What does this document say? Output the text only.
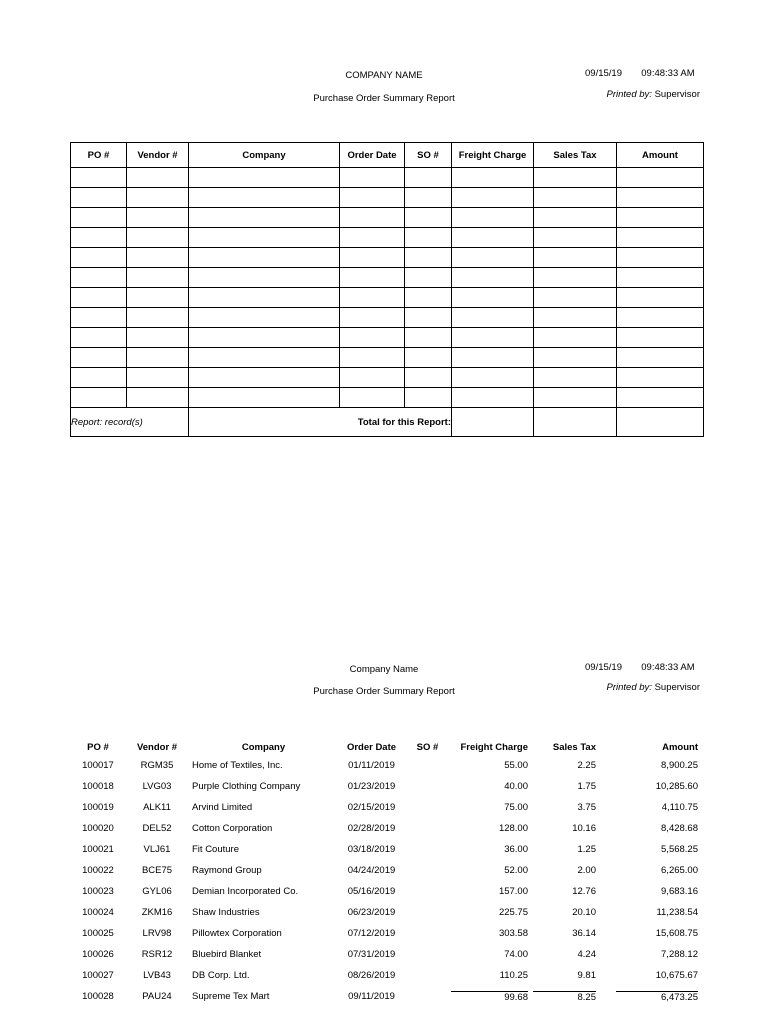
COMPANY NAME
Purchase Order Summary Report
09/15/19 09:48:33 AM
Printed by: Supervisor
PO #	Vendor #	Company	Order Date	SO #	Freight Charge	Sales Tax	Amount

Report: record(s)		Total for this Report:					
Company Name
Purchase Order Summary Report
09/15/19 09:48:33 AM
Printed by: Supervisor
PO #	Vendor #	Company	Order Date	SO #	Freight Charge	Sales Tax	Amount
100017	RGM35	Home of Textiles, Inc.	01/11/2019		55.00	2.25	8,900.25
100018	LVG03	Purple Clothing Company	01/23/2019		40.00	1.75	10,285.60
100019	ALK11	Arvind Limited	02/15/2019		75.00	3.75	4,110.75
100020	DEL52	Cotton Corporation	02/28/2019		128.00	10.16	8,428.68
100021	VLJ61	Fit Couture	03/18/2019		36.00	1.25	5,568.25
100022	BCE75	Raymond Group	04/24/2019		52.00	2.00	6,265.00
100023	GYL06	Demian Incorporated Co.	05/16/2019		157.00	12.76	9,683.16
100024	ZKM16	Shaw Industries	06/23/2019		225.75	20.10	11,238.54
100025	LRV98	Pillowtex Corporation	07/12/2019		303.58	36.14	15,608.75
100026	RSR12	Bluebird Blanket	07/31/2019		74.00	4.24	7,288.12
100027	LVB43	DB Corp. Ltd.	08/26/2019		110.25	9.81	10,675.67
100028	PAU24	Supreme Tex Mart	09/11/2019		99.68	8.25	6,473.25
